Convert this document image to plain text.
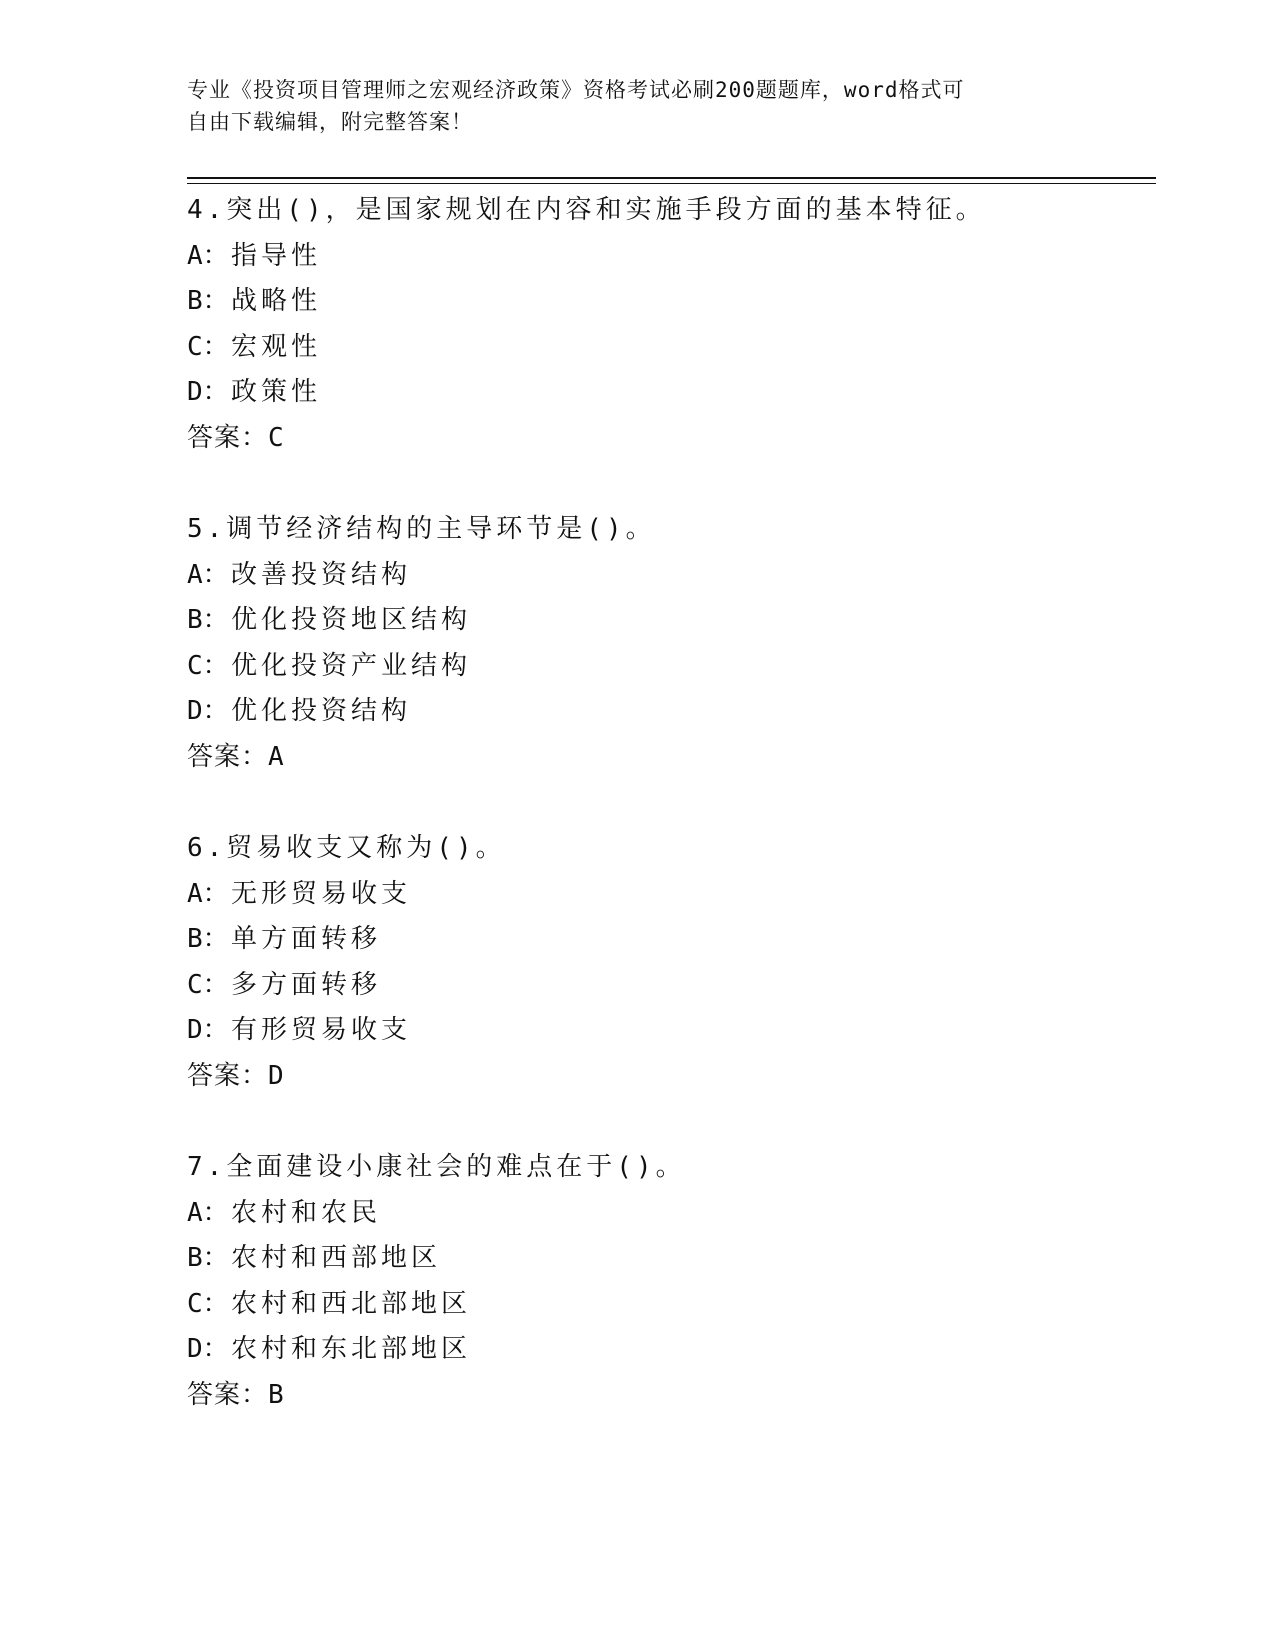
专业《投资项目管理师之宏观经济政策》资格考试必刷200题题库，word格式可
自由下载编辑，附完整答案！
4.突出()，是国家规划在内容和实施手段方面的基本特征。
A：指导性
B：战略性
C：宏观性
D：政策性
答案：C
5.调节经济结构的主导环节是()。
A：改善投资结构
B：优化投资地区结构
C：优化投资产业结构
D：优化投资结构
答案：A
6.贸易收支又称为()。
A：无形贸易收支
B：单方面转移
C：多方面转移
D：有形贸易收支
答案：D
7.全面建设小康社会的难点在于()。
A：农村和农民
B：农村和西部地区
C：农村和西北部地区
D：农村和东北部地区
答案：B
